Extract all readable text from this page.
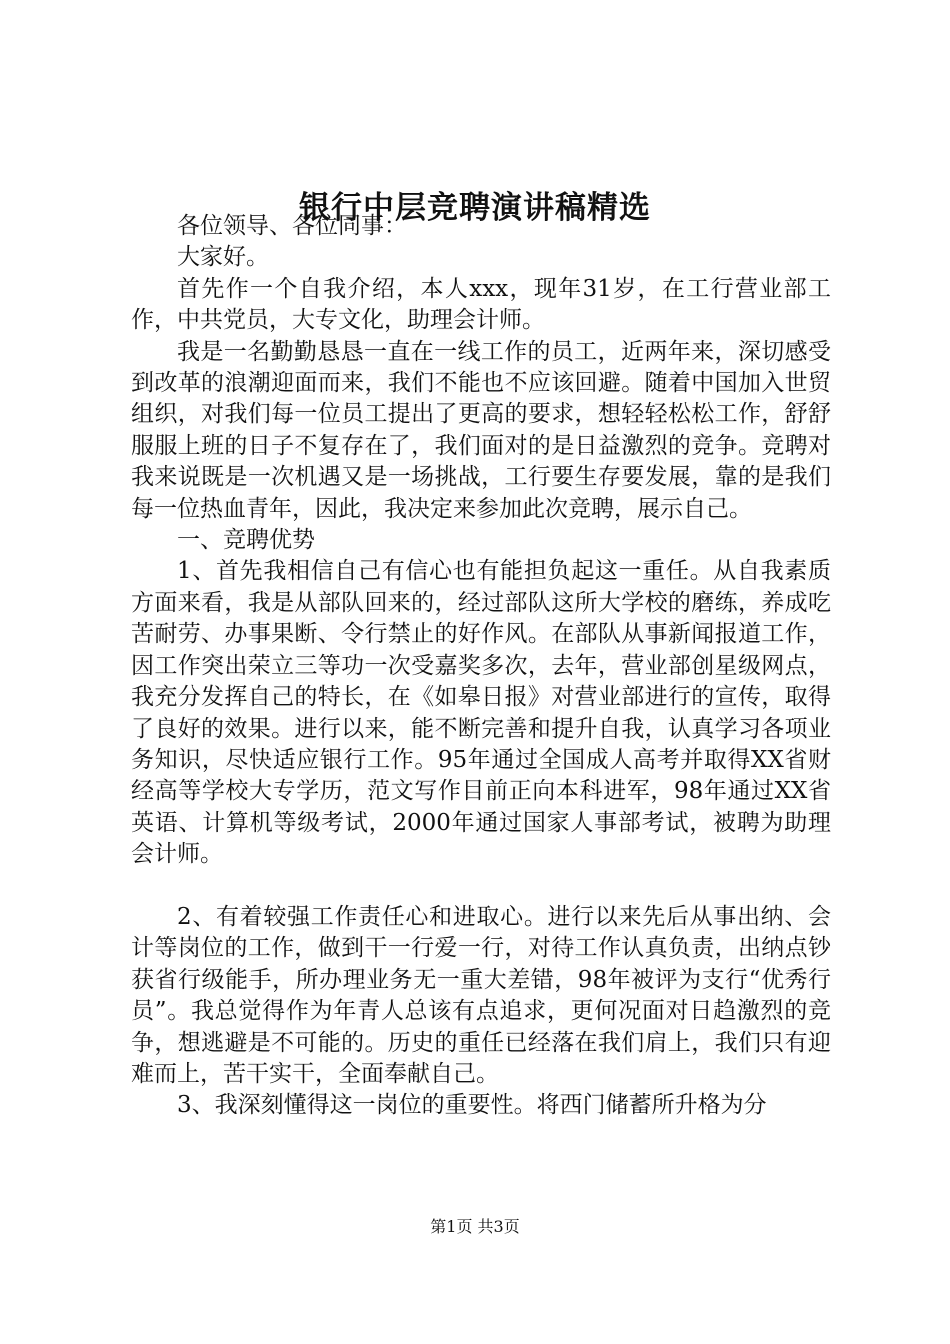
银行中层竞聘演讲稿精选

各位领导、各位同事：

大家好。

首先作一个自我介绍，本人xxx，现年31岁，在工行营业部工作，中共党员，大专文化，助理会计师。

我是一名勤勤恳恳一直在一线工作的员工，近两年来，深切感受到改革的浪潮迎面而来，我们不能也不应该回避。随着中国加入世贸组织，对我们每一位员工提出了更高的要求，想轻轻松松工作，舒舒服服上班的日子不复存在了，我们面对的是日益激烈的竞争。竞聘对我来说既是一次机遇又是一场挑战，工行要生存要发展，靠的是我们每一位热血青年，因此，我决定来参加此次竞聘，展示自己。

一、竞聘优势

1、首先我相信自己有信心也有能担负起这一重任。从自我素质方面来看，我是从部队回来的，经过部队这所大学校的磨练，养成吃苦耐劳、办事果断、令行禁止的好作风。在部队从事新闻报道工作，因工作突出荣立三等功一次受嘉奖多次，去年，营业部创星级网点，我充分发挥自己的特长，在《如皋日报》对营业部进行的宣传，取得了良好的效果。进行以来，能不断完善和提升自我，认真学习各项业务知识，尽快适应银行工作。95年通过全国成人高考并取得XX省财经高等学校大专学历，范文写作目前正向本科进军，98年通过XX省英语、计算机等级考试，2000年通过国家人事部考试，被聘为助理会计师。

2、有着较强工作责任心和进取心。进行以来先后从事出纳、会计等岗位的工作，做到干一行爱一行，对待工作认真负责，出纳点钞获省行级能手，所办理业务无一重大差错，98年被评为支行“优秀行员”。我总觉得作为年青人总该有点追求，更何况面对日趋激烈的竞争，想逃避是不可能的。历史的重任已经落在我们肩上，我们只有迎难而上，苦干实干，全面奉献自己。

3、我深刻懂得这一岗位的重要性。将西门储蓄所升格为分

第1页 共3页
